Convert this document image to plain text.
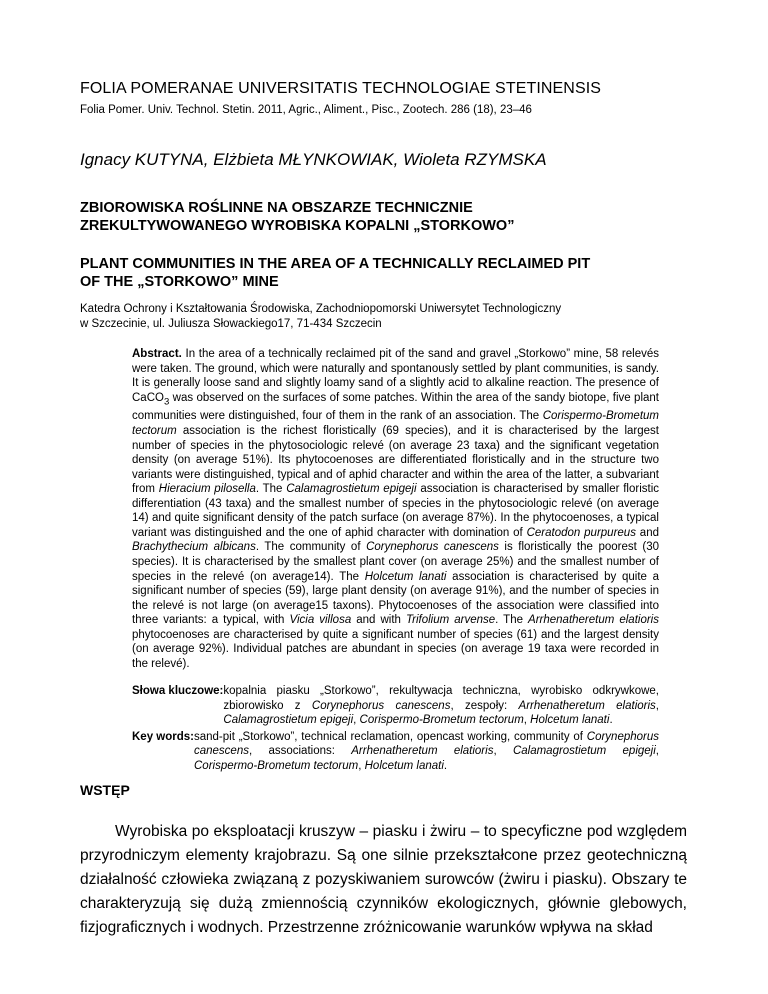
FOLIA POMERANAE UNIVERSITATIS TECHNOLOGIAE STETINENSIS
Folia Pomer. Univ. Technol. Stetin. 2011, Agric., Aliment., Pisc., Zootech. 286 (18), 23–46
Ignacy KUTYNA, Elżbieta MŁYNKOWIAK, Wioleta RZYMSKA
ZBIOROWISKA ROŚLINNE NA OBSZARZE TECHNICZNIE
ZREKULTYWOWANEGO WYROBISKA KOPALNI „STORKOWO”
PLANT COMMUNITIES IN THE AREA OF A TECHNICALLY RECLAIMED PIT
OF THE „STORKOWO” MINE
Katedra Ochrony i Kształtowania Środowiska, Zachodniopomorski Uniwersytet Technologiczny
w Szczecinie, ul. Juliusza Słowackiego17, 71-434 Szczecin
Abstract. In the area of a technically reclaimed pit of the sand and gravel „Storkowo” mine, 58 relevés were taken. The ground, which were naturally and spontanously settled by plant communities, is sandy. It is generally loose sand and slightly loamy sand of a slightly acid to alkaline reaction. The presence of CaCO$_3$ was observed on the surfaces of some patches. Within the area of the sandy biotope, five plant communities were distinguished, four of them in the rank of an association. The Corispermo-Brometum tectorum association is the richest floristically (69 species), and it is characterised by the largest number of species in the phytosociologic relevé (on average 23 taxa) and the significant vegetation density (on average 51%). Its phytocoenoses are differentiated floristically and in the structure two variants were distinguished, typical and of aphid character and within the area of the latter, a subvariant from Hieracium pilosella. The Calamagrostietum epigeji association is characterised by smaller floristic differentiation (43 taxa) and the smallest number of species in the phytosociologic relevé (on average 14) and quite significant density of the patch surface (on average 87%). In the phytocoenoses, a typical variant was distinguished and the one of aphid character with domination of Ceratodon purpureus and Brachythecium albicans. The community of Corynephorus canescens is floristically the poorest (30 species). It is characterised by the smallest plant cover (on average 25%) and the smallest number of species in the relevé (on average14). The Holcetum lanati association is characterised by quite a significant number of species (59), large plant density (on average 91%), and the number of species in the relevé is not large (on average15 taxons). Phytocoenoses of the association were classified into three variants: a typical, with Vicia villosa and with Trifolium arvense. The Arrhenatheretum elatioris phytocoenoses are characterised by quite a significant number of species (61) and the largest density (on average 92%). Individual patches are abundant in species (on average 19 taxa were recorded in the relevé).
Słowa kluczowe: kopalnia piasku „Storkowo”, rekultywacja techniczna, wyrobisko odkrywkowe, zbiorowisko z Corynephorus canescens, zespoły: Arrhenatheretum elatioris, Calamagrostietum epigeji, Corispermo-Brometum tectorum, Holcetum lanati.
Key words: sand-pit „Storkowo”, technical reclamation, opencast working, community of Corynephorus canescens, associations: Arrhenatheretum elatioris, Calamagrostietum epigeji, Corispermo-Brometum tectorum, Holcetum lanati.
WSTĘP

Wyrobiska po eksploatacji kruszyw – piasku i żwiru – to specyficzne pod względem przyrodniczym elementy krajobrazu. Są one silnie przekształcone przez geotechniczną działalność człowieka związaną z pozyskiwaniem surowców (żwiru i piasku). Obszary te charakteryzują się dużą zmiennością czynników ekologicznych, głównie glebowych, fizjograficznych i wodnych. Przestrzenne zróżnicowanie warunków wpływa na skład
